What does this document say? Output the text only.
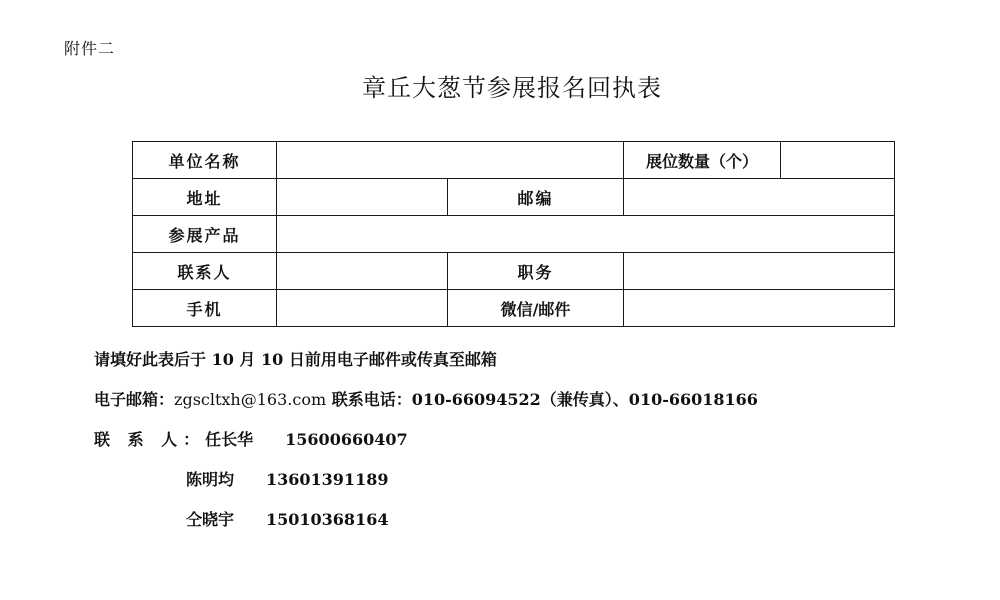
附件二
章丘大葱节参展报名回执表
单位名称			展位数量（个）	
地址		邮编		
参展产品				
联系人		职务		
手机		微信/邮件		
请填好此表后于 10 月 10 日前用电子邮件或传真至邮箱
电子邮箱：zgscltxh@163.com 联系电话：010-66094522（兼传真）、010-66018166
联 系 人：任长华 15600660407
陈明均 13601391189
仝晓宇 15010368164
